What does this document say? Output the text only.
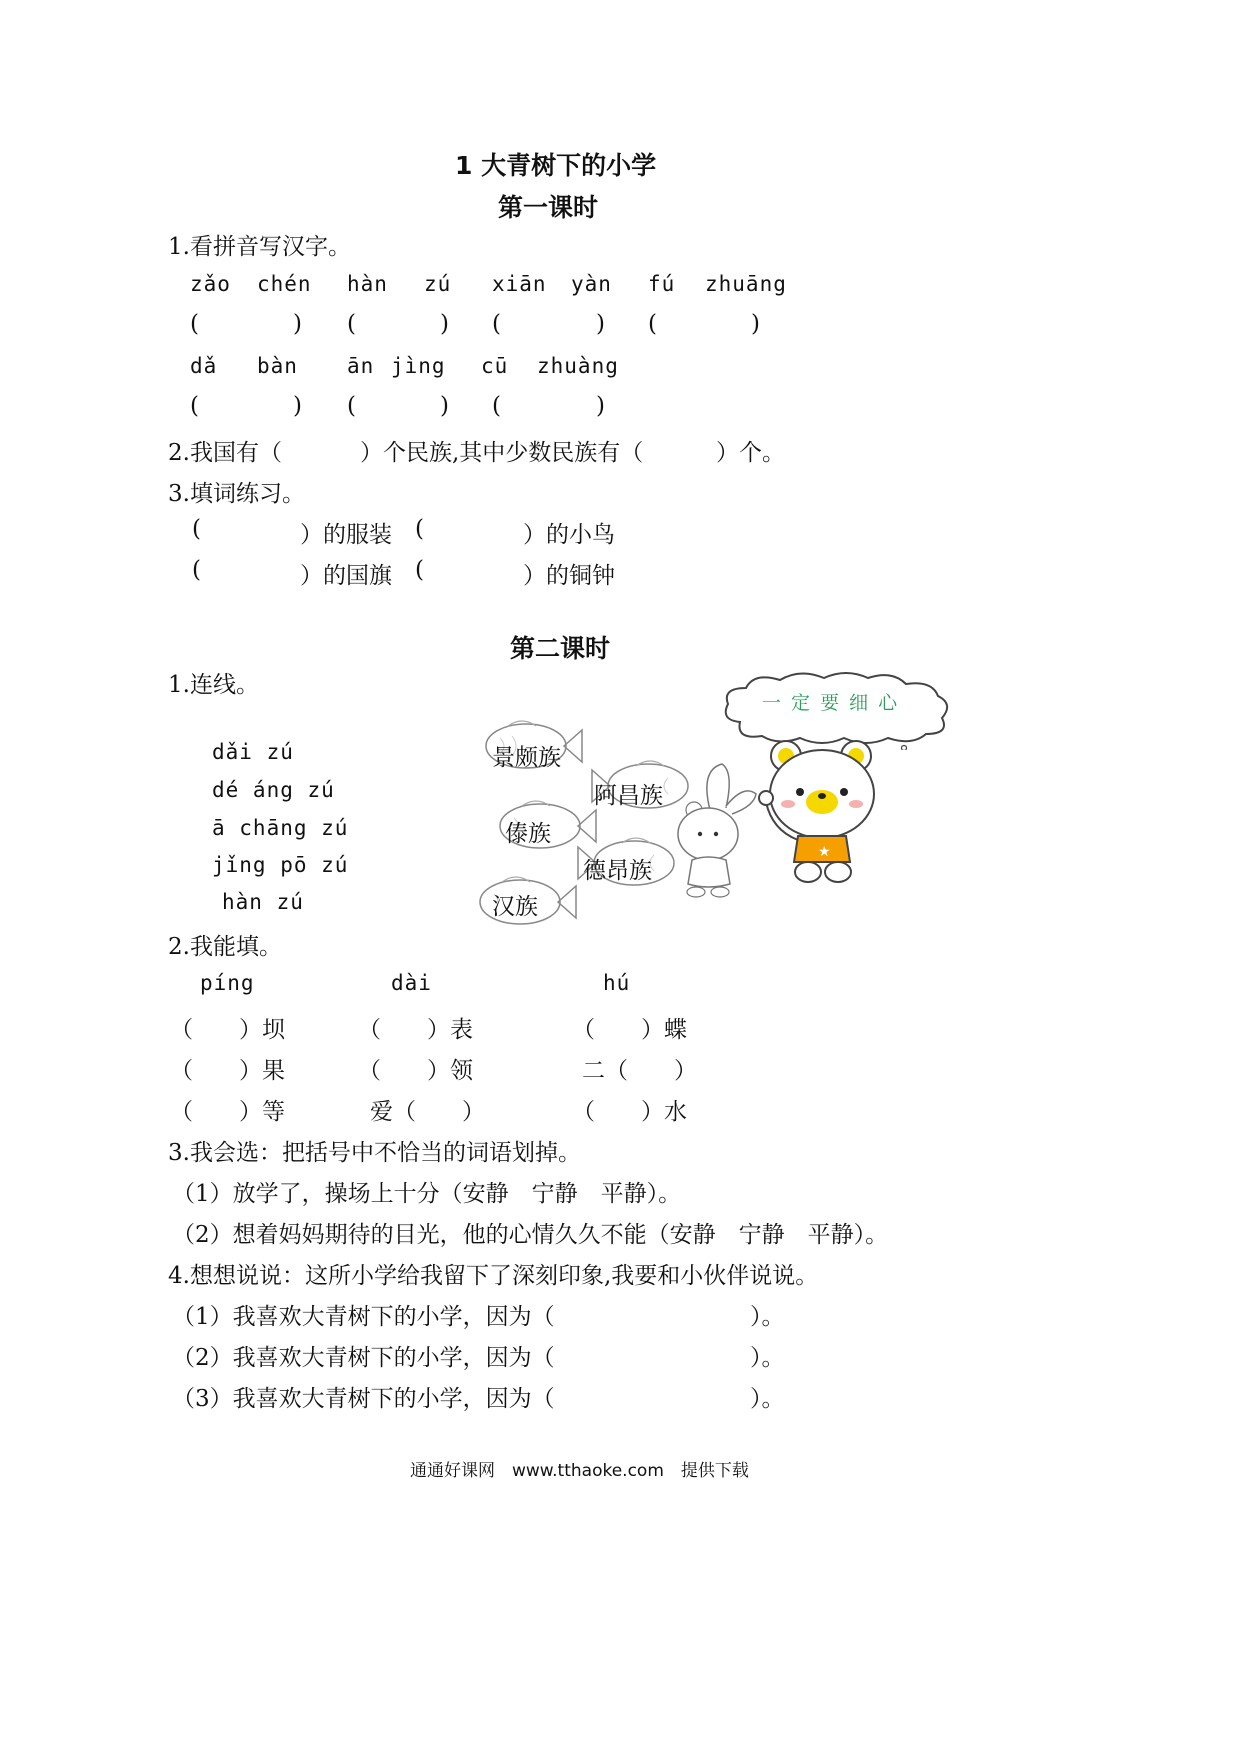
1 大青树下的小学
第一课时
1.看拼音写汉字。
zǎo chén hàn zú xiān yàn fú zhuāng
(	) (	) (	) (	)
dǎ bàn ān jìng cū zhuàng
(	) (	) (	)
2.我国有（	）个民族,其中少数民族有（	）个。
3.填词练习。
(	）的服装 (	）的小鸟
(	）的国旗 (	）的铜钟
第二课时
1.连线。
dǎi zú
dé áng zú
ā chāng zú
jǐng pō zú
hàn zú
景颇族
阿昌族
傣族
德昂族
汉族
一 定 要 细 心
★
2.我能填。
píng	dài	hú
（　　）坝	（　　）表	（　　）蝶
（　　）果	（　　）领	二（　　）
（　　）等	爱（　　）	（　　）水
3.我会选：把括号中不恰当的词语划掉。
（1）放学了，操场上十分（安静　宁静　平静）。
（2）想着妈妈期待的目光，他的心情久久不能（安静　宁静　平静）。
4.想想说说：这所小学给我留下了深刻印象,我要和小伙伴说说。
（1）我喜欢大青树下的小学，因为（	）。
（2）我喜欢大青树下的小学，因为（	）。
（3）我喜欢大青树下的小学，因为（	）。
通通好课网　www.tthaoke.com　提供下载
